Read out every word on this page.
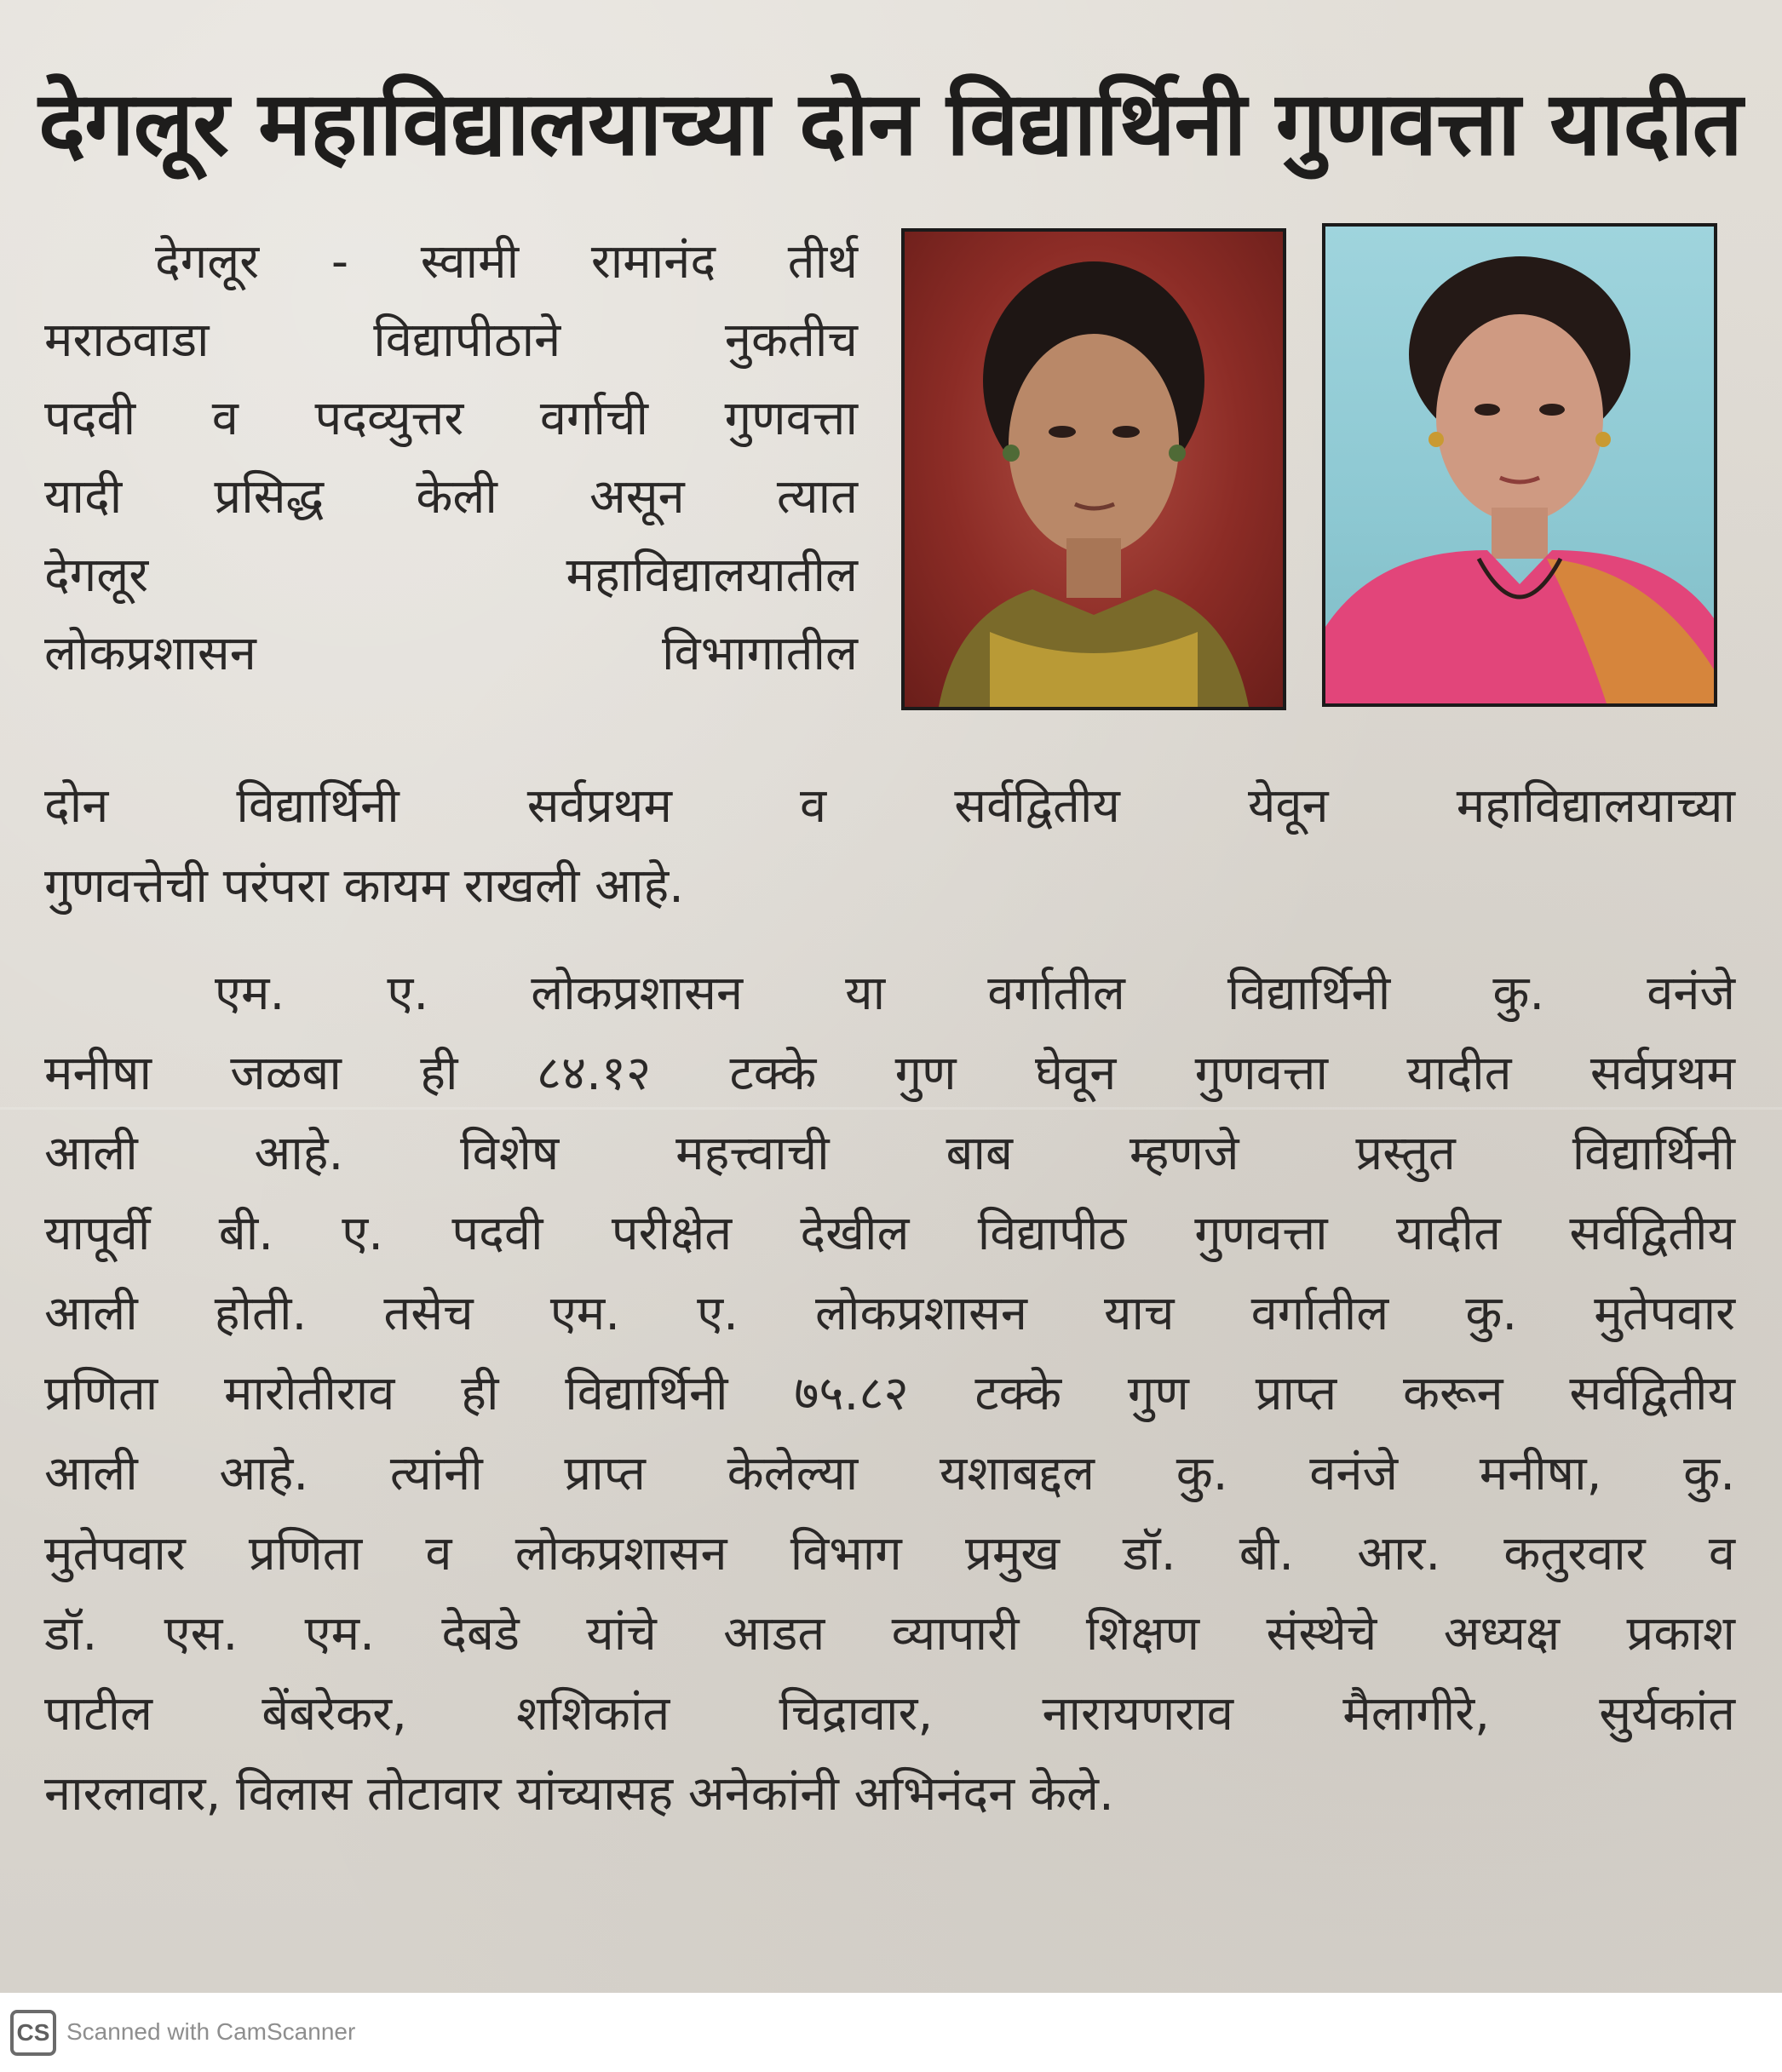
देगलूर महाविद्यालयाच्या दोन विद्यार्थिनी गुणवत्ता यादीत
देगलूर - स्वामी रामानंद तीर्थ
मराठवाडा विद्यापीठाने नुकतीच
पदवी व पदव्युत्तर वर्गाची गुणवत्ता
यादी प्रसिद्ध केली असून त्यात
देगलूर महाविद्यालयातील
लोकप्रशासन विभागातील
दोन विद्यार्थिनी सर्वप्रथम व सर्वद्वितीय येवून महाविद्यालयाच्या
गुणवत्तेची परंपरा कायम राखली आहे.
एम. ए. लोकप्रशासन या वर्गातील विद्यार्थिनी कु. वनंजे
मनीषा जळबा ही ८४.१२ टक्के गुण घेवून गुणवत्ता यादीत सर्वप्रथम
आली आहे. विशेष महत्त्वाची बाब म्हणजे प्रस्तुत विद्यार्थिनी
यापूर्वी बी. ए. पदवी परीक्षेत देखील विद्यापीठ गुणवत्ता यादीत सर्वद्वितीय
आली होती. तसेच एम. ए. लोकप्रशासन याच वर्गातील कु. मुतेपवार
प्रणिता मारोतीराव ही विद्यार्थिनी ७५.८२ टक्के गुण प्राप्त करून सर्वद्वितीय
आली आहे. त्यांनी प्राप्त केलेल्या यशाबद्दल कु. वनंजे मनीषा, कु.
मुतेपवार प्रणिता व लोकप्रशासन विभाग प्रमुख डॉ. बी. आर. कतुरवार व
डॉ. एस. एम. देबडे यांचे आडत व्यापारी शिक्षण संस्थेचे अध्यक्ष प्रकाश
पाटील बेंबरेकर, शशिकांत चिद्रावार, नारायणराव मैलागीरे, सुर्यकांत
नारलावार, विलास तोटावार यांच्यासह अनेकांनी अभिनंदन केले.
CS Scanned with CamScanner
